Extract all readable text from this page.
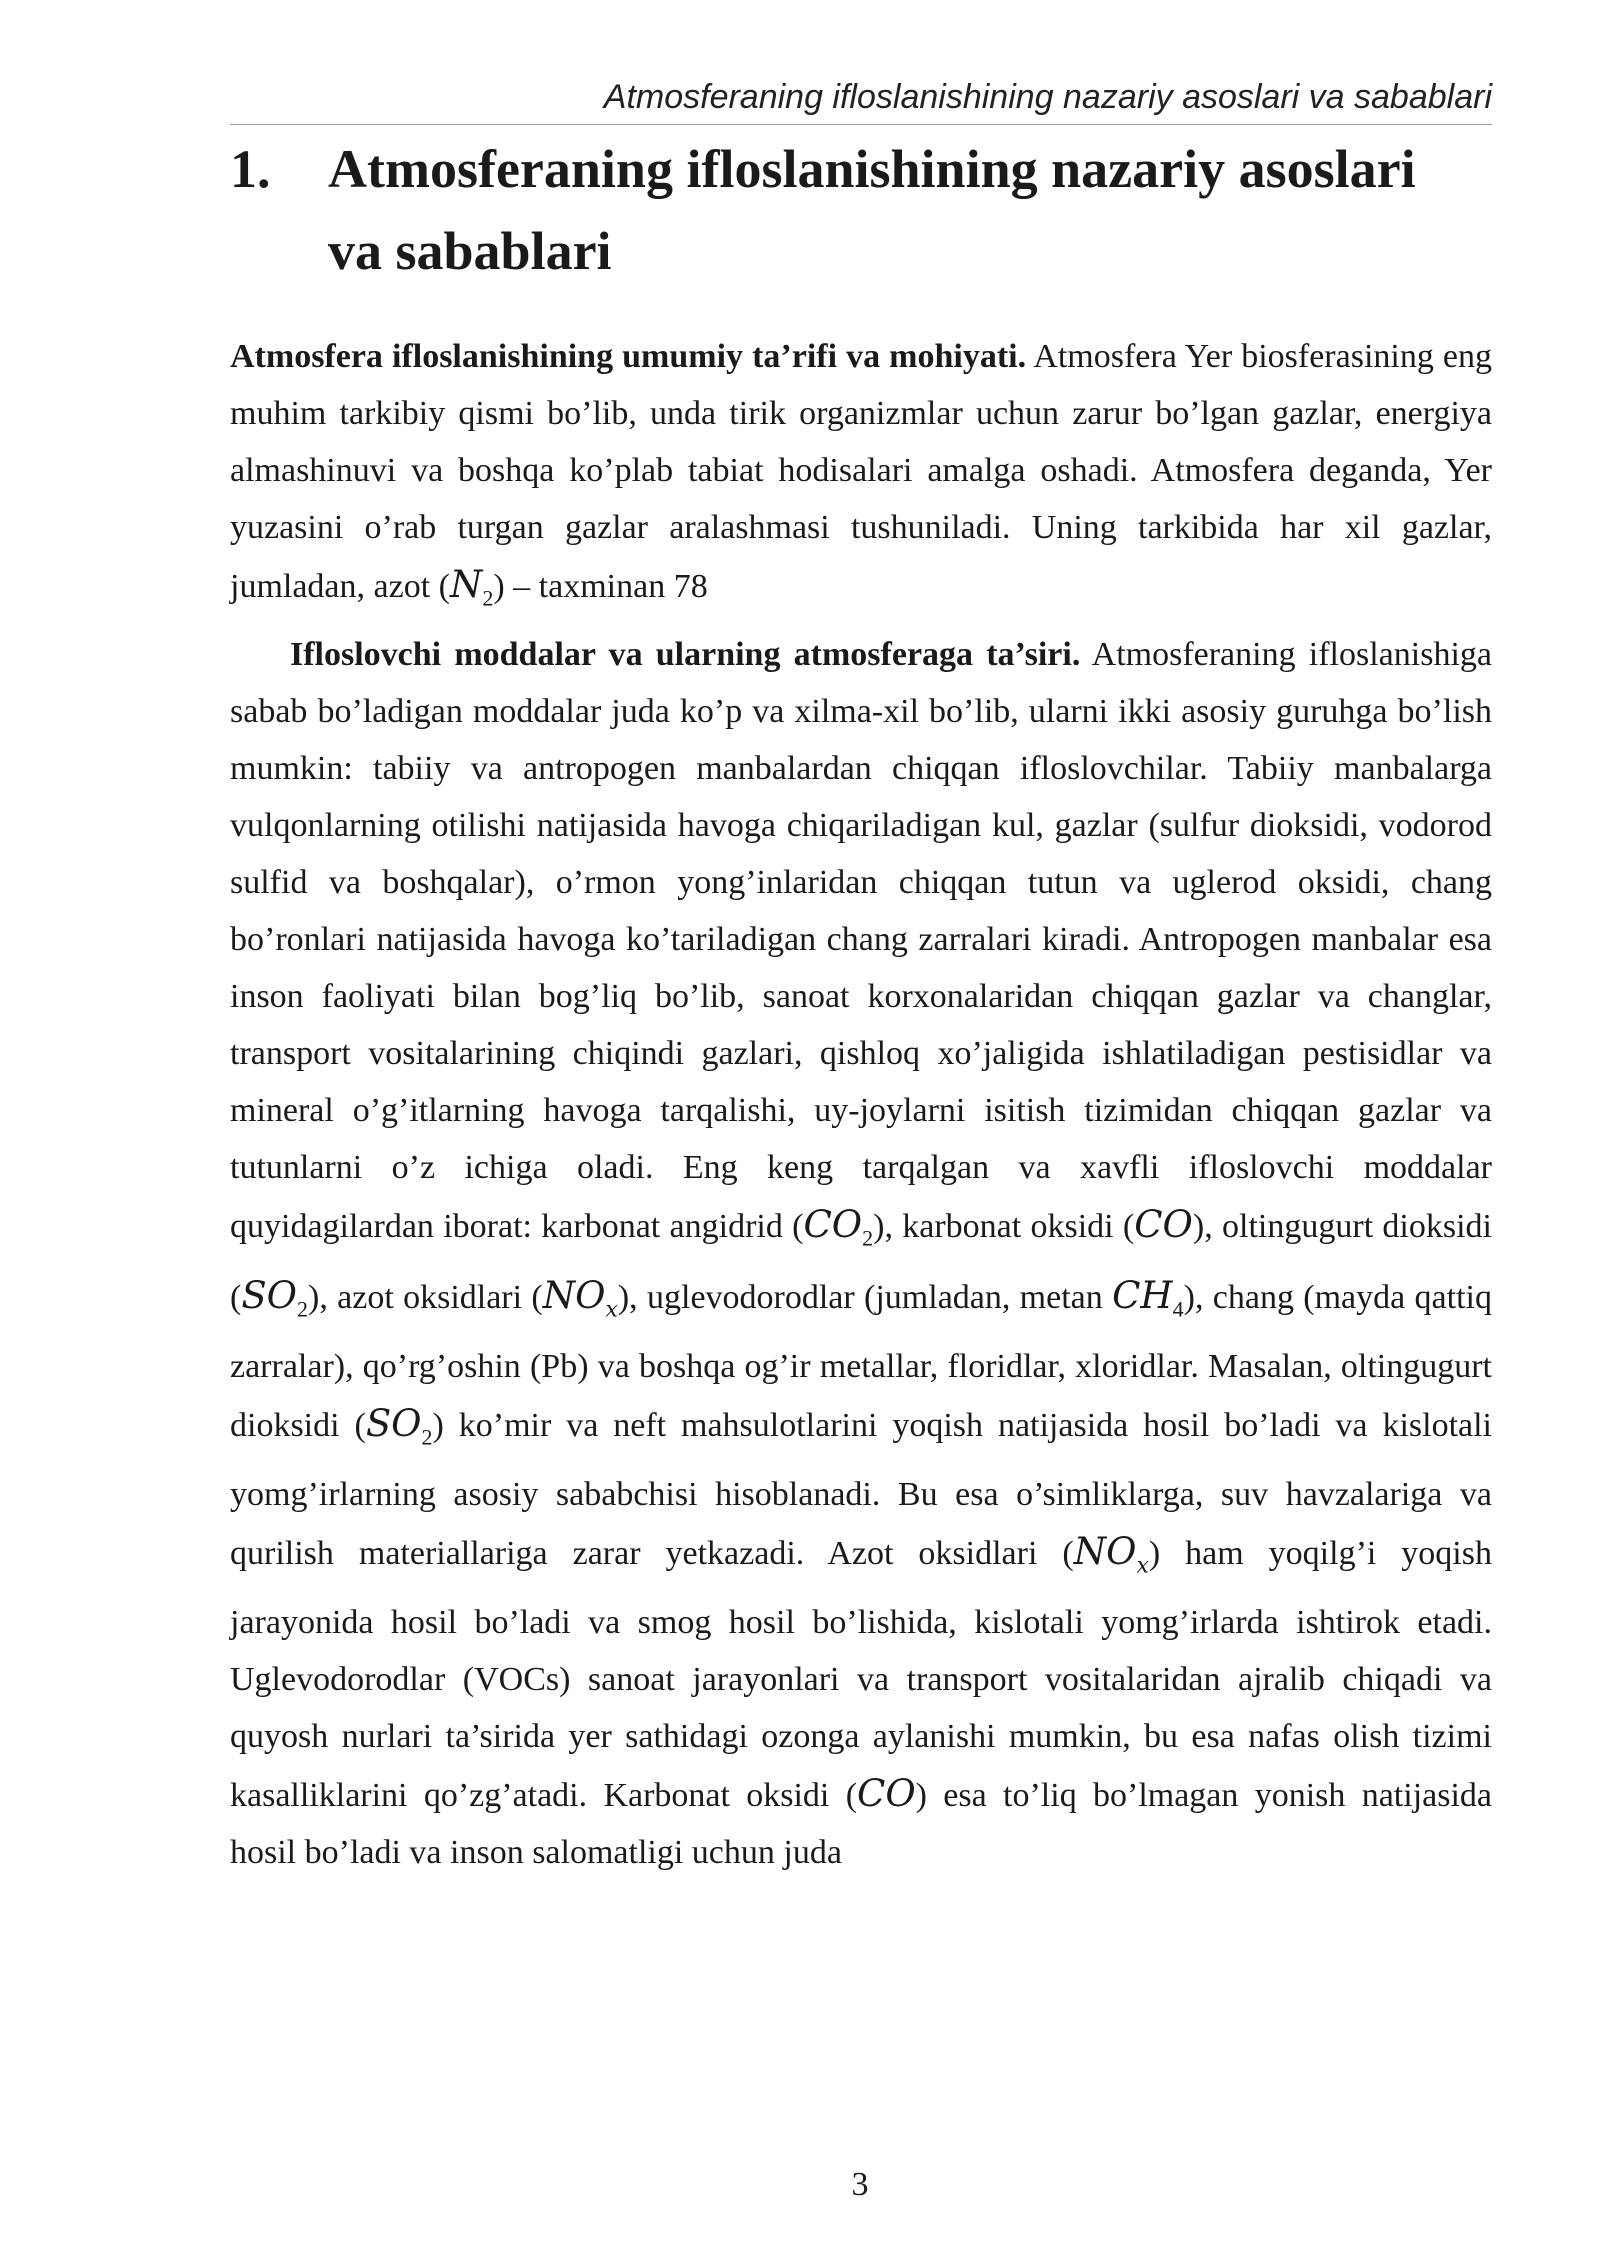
Atmosferaning ifloslanishining nazariy asoslari va sabablari
1.	Atmosferaning ifloslanishining nazariy asoslari
va sabablari

Atmosfera ifloslanishining umumiy ta’rifi va mohiyati. Atmosfera Yer biosferasining eng muhim tarkibiy qismi bo’lib, unda tirik organizmlar uchun zarur bo’lgan gazlar, energiya almashinuvi va boshqa ko’plab tabiat hodisalari amalga oshadi. Atmosfera deganda, Yer yuzasini o’rab turgan gazlar aralashmasi tushuniladi. Uning tarkibida har xil gazlar, jumladan, azot $(N_2)$ – taxminan 78

Ifloslovchi moddalar va ularning atmosferaga ta’siri. Atmosferaning ifloslanishiga sabab bo’ladigan moddalar juda ko’p va xilma-xil bo’lib, ularni ikki asosiy guruhga bo’lish mumkin: tabiiy va antropogen manbalardan chiqqan ifloslovchilar. Tabiiy manbalarga vulqonlarning otilishi natijasida havoga chiqariladigan kul, gazlar (sulfur dioksidi, vodorod sulfid va boshqalar), o’rmon yong’inlaridan chiqqan tutun va uglerod oksidi, chang bo’ronlari natijasida havoga ko’tariladigan chang zarralari kiradi. Antropogen manbalar esa inson faoliyati bilan bog’liq bo’lib, sanoat korxonalaridan chiqqan gazlar va changlar, transport vositalarining chiqindi gazlari, qishloq xo’jaligida ishlatiladigan pestisidlar va mineral o’g’itlarning havoga tarqalishi, uy-joylarni isitish tizimidan chiqqan gazlar va tutunlarni o’z ichiga oladi. Eng keng tarqalgan va xavfli ifloslovchi moddalar quyidagilardan iborat: karbonat angidrid $(CO_2)$, karbonat oksidi (CO), oltingugurt dioksidi $(SO_2)$, azot oksidlari $(NO_x)$, uglevodorodlar (jumladan, metan $CH_4$), chang (mayda qattiq zarralar), qo’rg’oshin (Pb) va boshqa og’ir metallar, floridlar, xloridlar. Masalan, oltingugurt dioksidi $(SO_2)$ ko’mir va neft mahsulotlarini yoqish natijasida hosil bo’ladi va kislotali yomg’irlarning asosiy sababchisi hisoblanadi. Bu esa o’simliklarga, suv havzalariga va qurilish materiallariga zarar yetkazadi. Azot oksidlari $(NO_x)$ ham yoqilg’i yoqish jarayonida hosil bo’ladi va smog hosil bo’lishida, kislotali yomg’irlarda ishtirok etadi. Uglevodorodlar (VOCs) sanoat jarayonlari va transport vositalaridan ajralib chiqadi va quyosh nurlari ta’sirida yer sathidagi ozonga aylanishi mumkin, bu esa nafas olish tizimi kasalliklarini qo’zg’atadi. Karbonat oksidi (CO) esa to’liq bo’lmagan yonish natijasida hosil bo’ladi va inson salomatligi uchun juda

3
